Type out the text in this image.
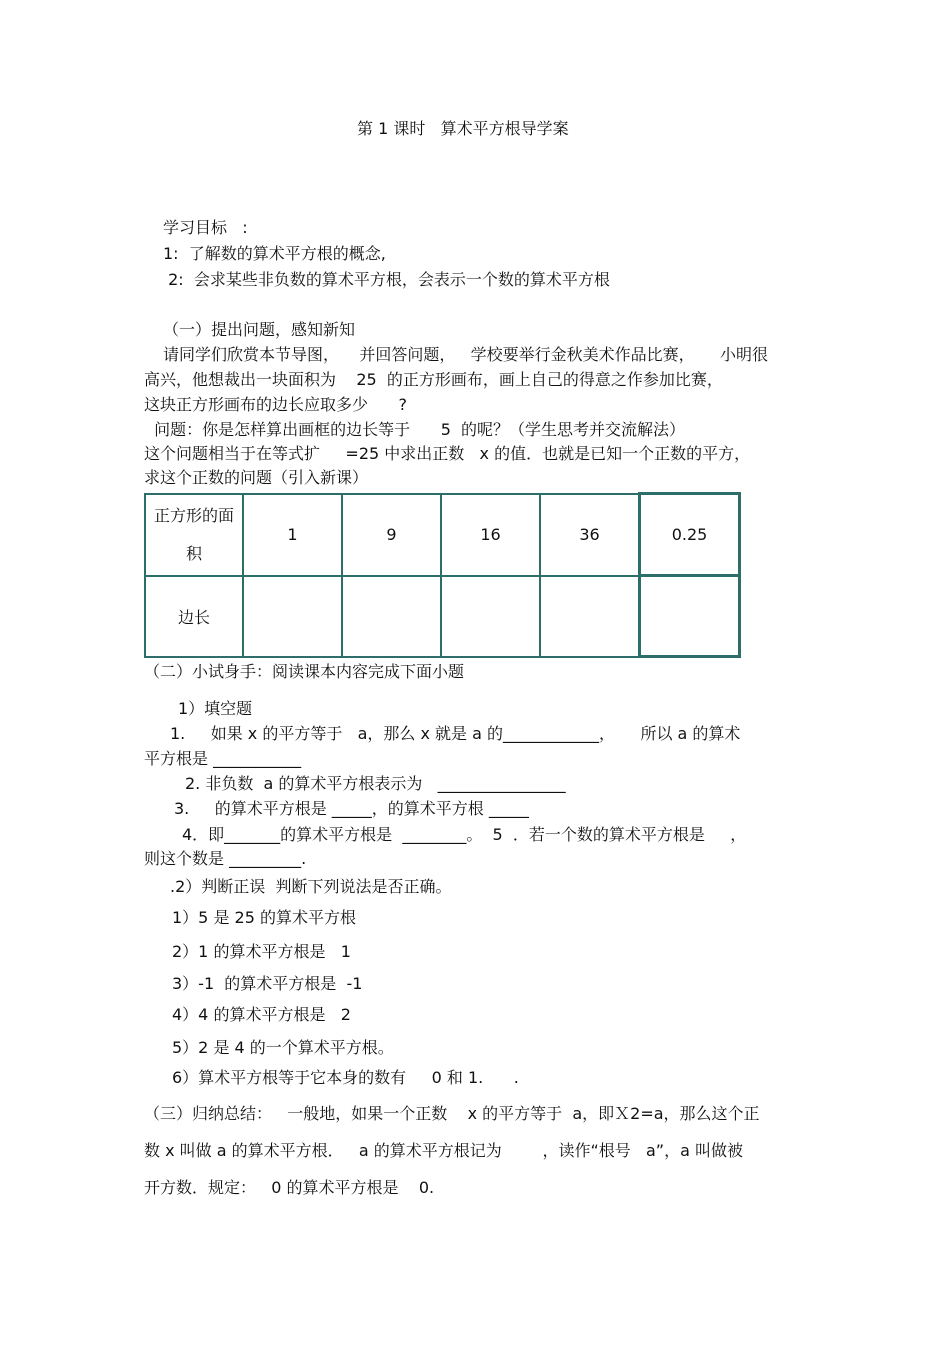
第 1 课时   算术平方根导学案
学习目标   :
1:  了解数的算术平方根的概念,
2:  会求某些非负数的算术平方根，会表示一个数的算术平方根
（一）提出问题，感知新知
请同学们欣赏本节导图，    并回答问题，   学校要举行金秋美术作品比赛，     小明很
高兴，他想裁出一块面积为    25  的正方形画布，画上自己的得意之作参加比赛，
这块正方形画布的边长应取多少      ?
问题：你是怎样算出画框的边长等于      5  的呢？（学生思考并交流解法）
这个问题相当于在等式扩     =25 中求出正数   x 的值．也就是已知一个正数的平方，
求这个正数的问题（引入新课）
正方形的面
积	1	9	16	36	0.25
边长					
（二）小试身手：阅读课本内容完成下面小题
1）填空题
1.     如果 x 的平方等于   a，那么 x 就是 a 的____________，     所以 a 的算术
平方根是 ___________
2. 非负数  a 的算术平方根表示为   ________________
3.     的算术平方根是 _____，的算术平方根 _____
4．即_______的算术平方根是  ________。  5  ．若一个数的算术平方根是     ，
则这个数是 _________.
.2）判断正误  判断下列说法是否正确。
1）5 是 25 的算术平方根
2）1 的算术平方根是   1
3）-1  的算术平方根是  -1
4）4 的算术平方根是   2
5）2 是 4 的一个算术平方根。
6）算术平方根等于它本身的数有     0 和 1.      .
（三）归纳总结：   一般地，如果一个正数    x 的平方等于  a，即Ｘ2=a，那么这个正
数 x 叫做 a 的算术平方根．   a 的算术平方根记为        ，读作“根号   a”，a 叫做被
开方数．规定：   0 的算术平方根是    0.
